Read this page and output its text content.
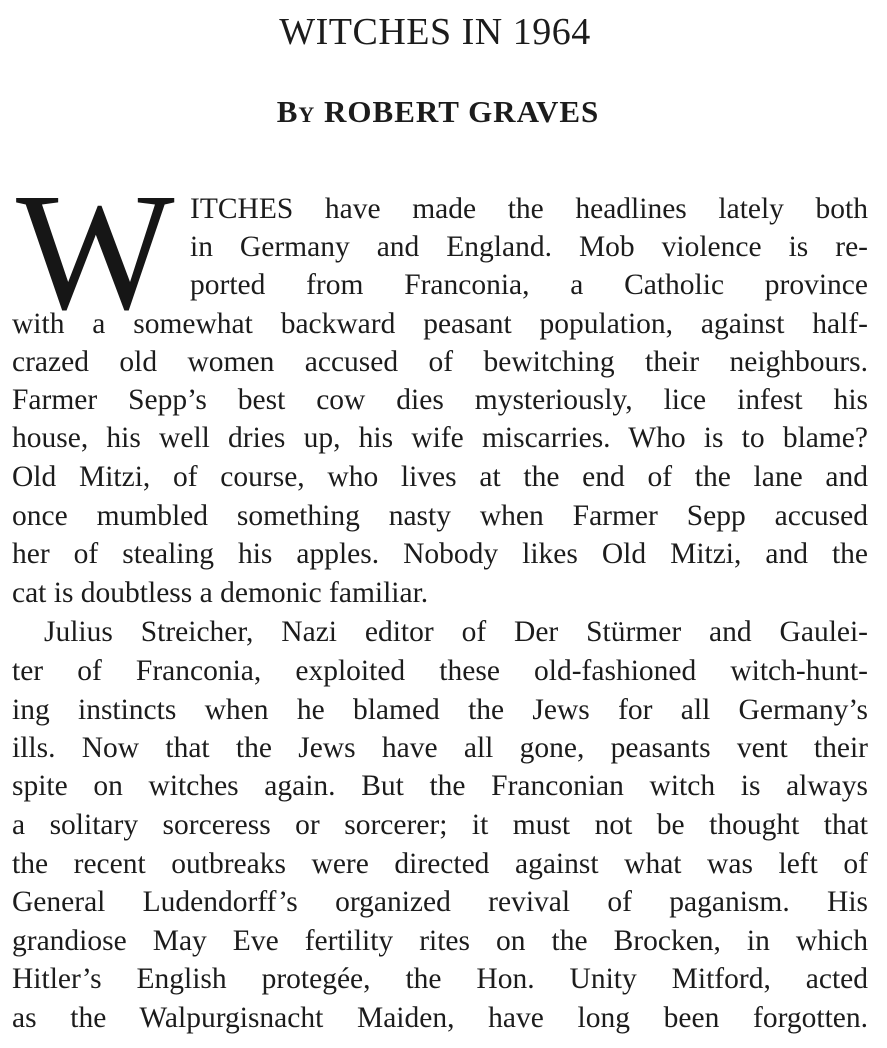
WITCHES IN 1964
By ROBERT GRAVES
W ITCHES have made the headlines lately both
in Germany and England. Mob violence is re-
ported from Franconia, a Catholic province
with a somewhat backward peasant population, against half-
crazed old women accused of bewitching their neighbours.
Farmer Sepp’s best cow dies mysteriously, lice infest his
house, his well dries up, his wife miscarries. Who is to blame?
Old Mitzi, of course, who lives at the end of the lane and
once mumbled something nasty when Farmer Sepp accused
her of stealing his apples. Nobody likes Old Mitzi, and the
cat is doubtless a demonic familiar.
Julius Streicher, Nazi editor of Der Stürmer and Gaulei-
ter of Franconia, exploited these old-fashioned witch-hunt-
ing instincts when he blamed the Jews for all Germany’s
ills. Now that the Jews have all gone, peasants vent their
spite on witches again. But the Franconian witch is always
a solitary sorceress or sorcerer; it must not be thought that
the recent outbreaks were directed against what was left of
General Ludendorff’s organized revival of paganism. His
grandiose May Eve fertility rites on the Brocken, in which
Hitler’s English protegée, the Hon. Unity Mitford, acted
as the Walpurgisnacht Maiden, have long been forgotten.
